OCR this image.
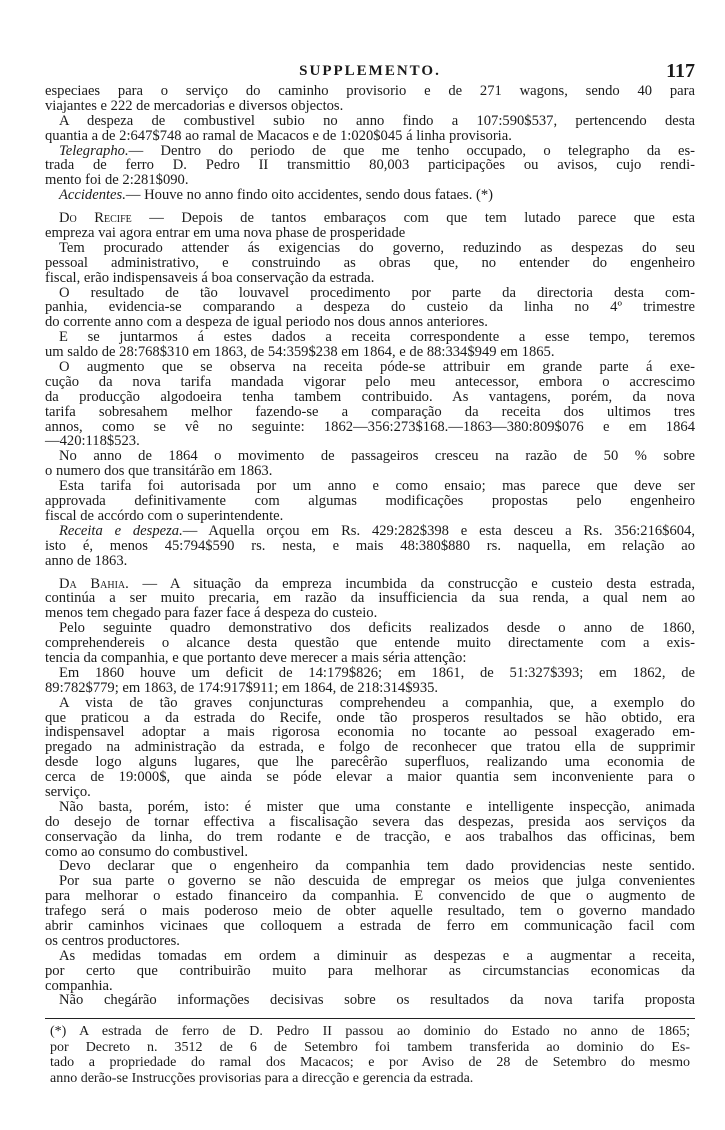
SUPPLEMENTO.	117
especiaes para o serviço do caminho provisorio e de 271 wagons, sendo 40 para
viajantes e 222 de mercadorias e diversos objectos.
A despeza de combustivel subio no anno findo a 107:590$537, pertencendo desta
quantia a de 2:647$748 ao ramal de Macacos e de 1:020$045 á linha provisoria.
Telegrapho.— Dentro do periodo de que me tenho occupado, o telegrapho da es-
trada de ferro D. Pedro II transmittio 80,003 participações ou avisos, cujo rendi-
mento foi de 2:281$090.
Accidentes.— Houve no anno findo oito accidentes, sendo dous fataes. (*)
Do Recife — Depois de tantos embaraços com que tem lutado parece que esta
empreza vai agora entrar em uma nova phase de prosperidade
Tem procurado attender ás exigencias do governo, reduzindo as despezas do seu
pessoal administrativo, e construindo as obras que, no entender do engenheiro
fiscal, erão indispensaveis á boa conservação da estrada.
O resultado de tão louvavel procedimento por parte da directoria desta com-
panhia, evidencia-se comparando a despeza do custeio da linha no 4º trimestre
do corrente anno com a despeza de igual periodo nos dous annos anteriores.
E se juntarmos á estes dados a receita correspondente a esse tempo, teremos
um saldo de 28:768$310 em 1863, de 54:359$238 em 1864, e de 88:334$949 em 1865.
O augmento que se observa na receita póde-se attribuir em grande parte á exe-
cução da nova tarifa mandada vigorar pelo meu antecessor, embora o accrescimo
da producção algodoeira tenha tambem contribuido. As vantagens, porém, da nova
tarifa sobresahem melhor fazendo-se a comparação da receita dos ultimos tres
annos, como se vê no seguinte: 1862—356:273$168.—1863—380:809$076 e em 1864
—420:118$523.
No anno de 1864 o movimento de passageiros cresceu na razão de 50 % sobre
o numero dos que transitárão em 1863.
Esta tarifa foi autorisada por um anno e como ensaio; mas parece que deve ser
approvada definitivamente com algumas modificações propostas pelo engenheiro
fiscal de accórdo com o superintendente.
Receita e despeza.— Aquella orçou em Rs. 429:282$398 e esta desceu a Rs. 356:216$604,
isto é, menos 45:794$590 rs. nesta, e mais 48:380$880 rs. naquella, em relação ao
anno de 1863.
Da Bahia. — A situação da empreza incumbida da construcção e custeio desta estrada,
continúa a ser muito precaria, em razão da insufficiencia da sua renda, a qual nem ao
menos tem chegado para fazer face á despeza do custeio.
Pelo seguinte quadro demonstrativo dos deficits realizados desde o anno de 1860,
comprehendereis o alcance desta questão que entende muito directamente com a exis-
tencia da companhia, e que portanto deve merecer a mais séria attenção:
Em 1860 houve um deficit de 14:179$826; em 1861, de 51:327$393; em 1862, de
89:782$779; em 1863, de 174:917$911; em 1864, de 218:314$935.
A vista de tão graves conjuncturas comprehendeu a companhia, que, a exemplo do
que praticou a da estrada do Recife, onde tão prosperos resultados se hão obtido, era
indispensavel adoptar a mais rigorosa economia no tocante ao pessoal exagerado em-
pregado na administração da estrada, e folgo de reconhecer que tratou ella de supprimir
desde logo alguns lugares, que lhe parecêrão superfluos, realizando uma economia de
cerca de 19:000$, que ainda se póde elevar a maior quantia sem inconveniente para o
serviço.
Não basta, porém, isto: é mister que uma constante e intelligente inspecção, animada
do desejo de tornar effectiva a fiscalisação severa das despezas, presida aos serviços da
conservação da linha, do trem rodante e de tracção, e aos trabalhos das officinas, bem
como ao consumo do combustivel.
Devo declarar que o engenheiro da companhia tem dado providencias neste sentido.
Por sua parte o governo se não descuida de empregar os meios que julga convenientes
para melhorar o estado financeiro da companhia. E convencido de que o augmento de
trafego será o mais poderoso meio de obter aquelle resultado, tem o governo mandado
abrir caminhos vicinaes que colloquem a estrada de ferro em communicação facil com
os centros productores.
As medidas tomadas em ordem a diminuir as despezas e a augmentar a receita,
por certo que contribuirão muito para melhorar as circumstancias economicas da
companhia.
Não chegárão informações decisivas sobre os resultados da nova tarifa proposta
(*) A estrada de ferro de D. Pedro II passou ao dominio do Estado no anno de 1865;
por Decreto n. 3512 de 6 de Setembro foi tambem transferida ao dominio do Es-
tado a propriedade do ramal dos Macacos; e por Aviso de 28 de Setembro do mesmo
anno derão-se Instrucções provisorias para a direcção e gerencia da estrada.
